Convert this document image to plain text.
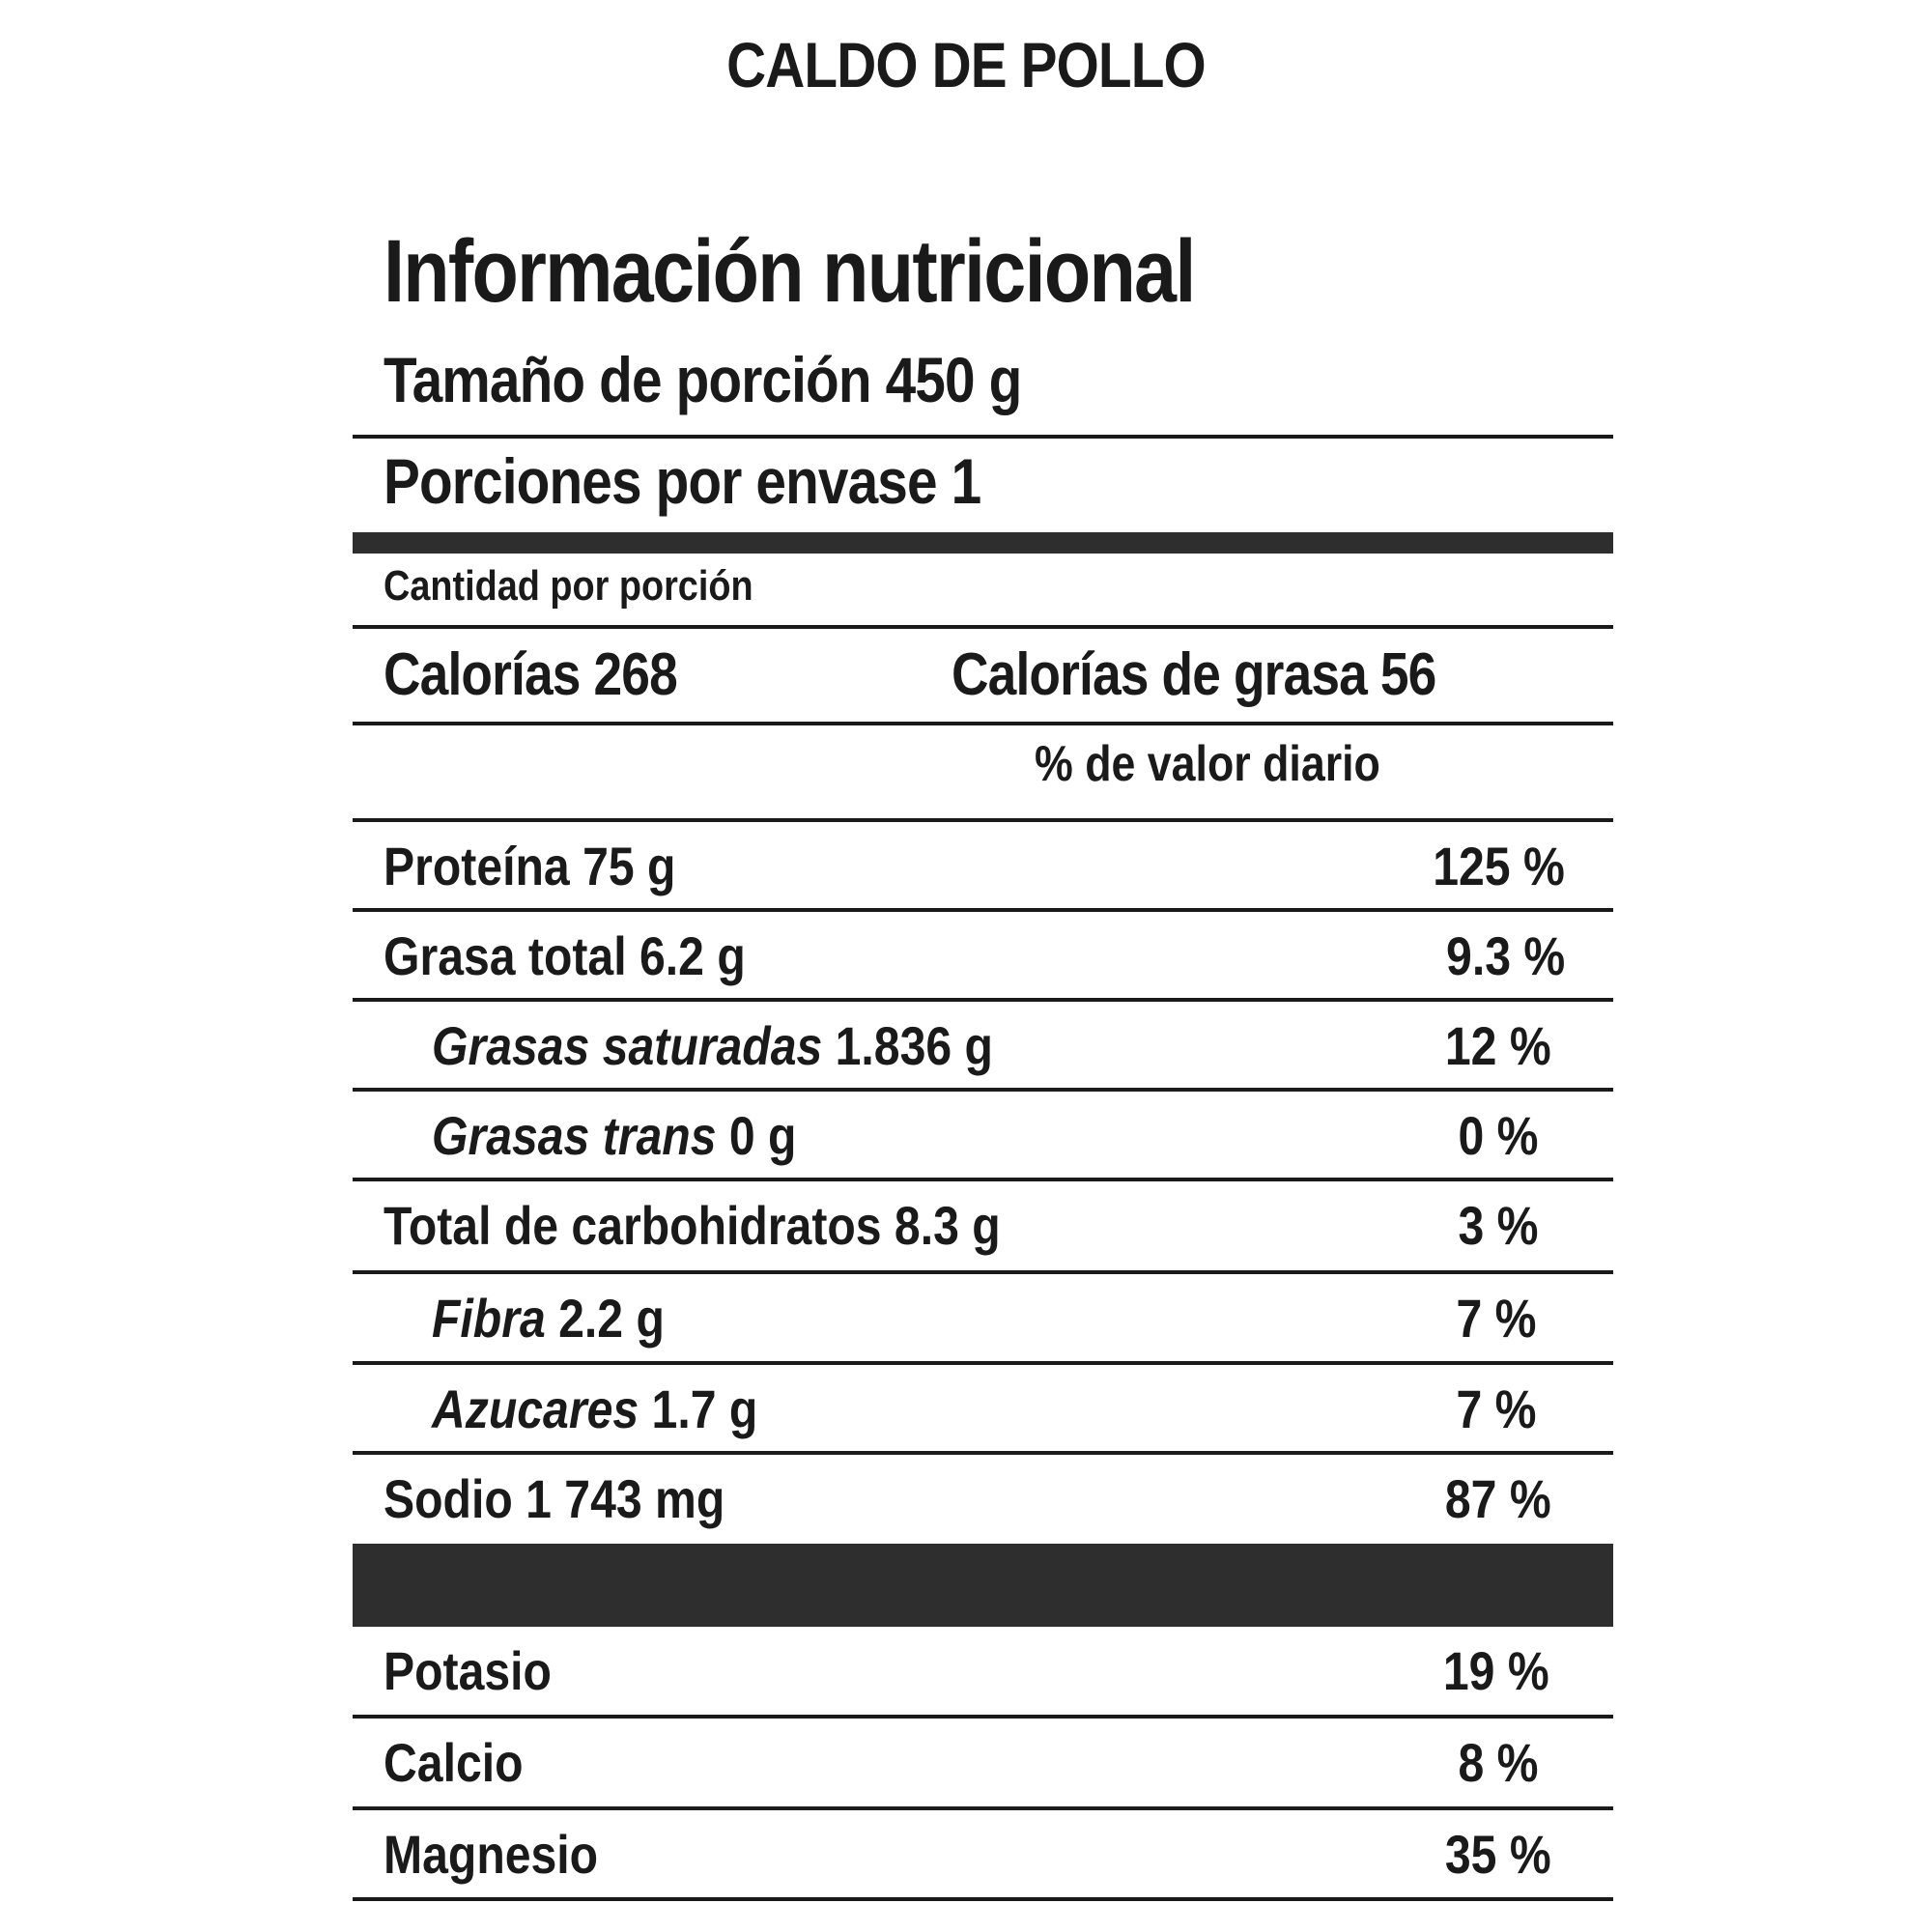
CALDO DE POLLO
Información nutricional
Tamaño de porción 450 g
Porciones por envase 1
Cantidad por porción
Calorías 268	Calorías de grasa 56
% de valor diario
Proteína 75 g	125 %
Grasa total 6.2 g	9.3 %
Grasas saturadas 1.836 g	12 %
Grasas trans 0 g	0 %
Total de carbohidratos 8.3 g	3 %
Fibra 2.2 g	7 %
Azucares 1.7 g	7 %
Sodio 1 743 mg	87 %
Potasio	19 %
Calcio	8 %
Magnesio	35 %
